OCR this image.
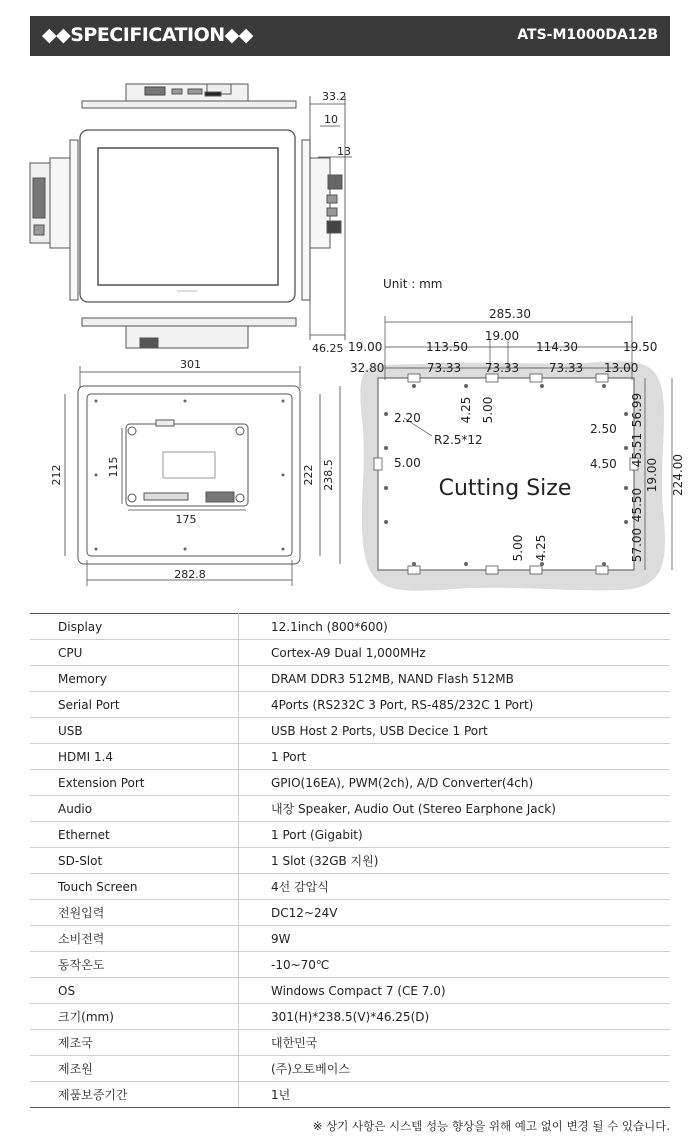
◆◆SPECIFICATION◆◆	ATS-M1000DA12B
33.2
10
13
46.25
301
212	115
175
222 238.5
282.8
Unit : mm
285.30
19.00	113.50
19.00
114.30	19.50
32.80	73.33 73.33 73.33 13.00
4.25 5.00
2.20
R2.5*12
5.00
2.50
4.50
Cutting Size
56.99
45.51
19.00
45.50
57.00
224.00
5.00 4.25
Display	12.1inch (800*600)
CPU	Cortex-A9 Dual 1,000MHz
Memory	DRAM DDR3 512MB, NAND Flash 512MB
Serial Port	4Ports (RS232C 3 Port, RS-485/232C 1 Port)
USB	USB Host 2 Ports, USB Decice 1 Port
HDMI 1.4	1 Port
Extension Port	GPIO(16EA), PWM(2ch), A/D Converter(4ch)
Audio	내장 Speaker, Audio Out (Stereo Earphone Jack)
Ethernet	1 Port (Gigabit)
SD-Slot	1 Slot (32GB 지원)
Touch Screen	4선 감압식
전원입력	DC12~24V
소비전력	9W
동작온도	-10~70℃
OS	Windows Compact 7 (CE 7.0)
크기(mm)	301(H)*238.5(V)*46.25(D)
제조국	대한민국
제조원	(주)오토베이스
제품보증기간	1년
※ 상기 사항은 시스템 성능 향상을 위해 예고 없이 변경 될 수 있습니다.
